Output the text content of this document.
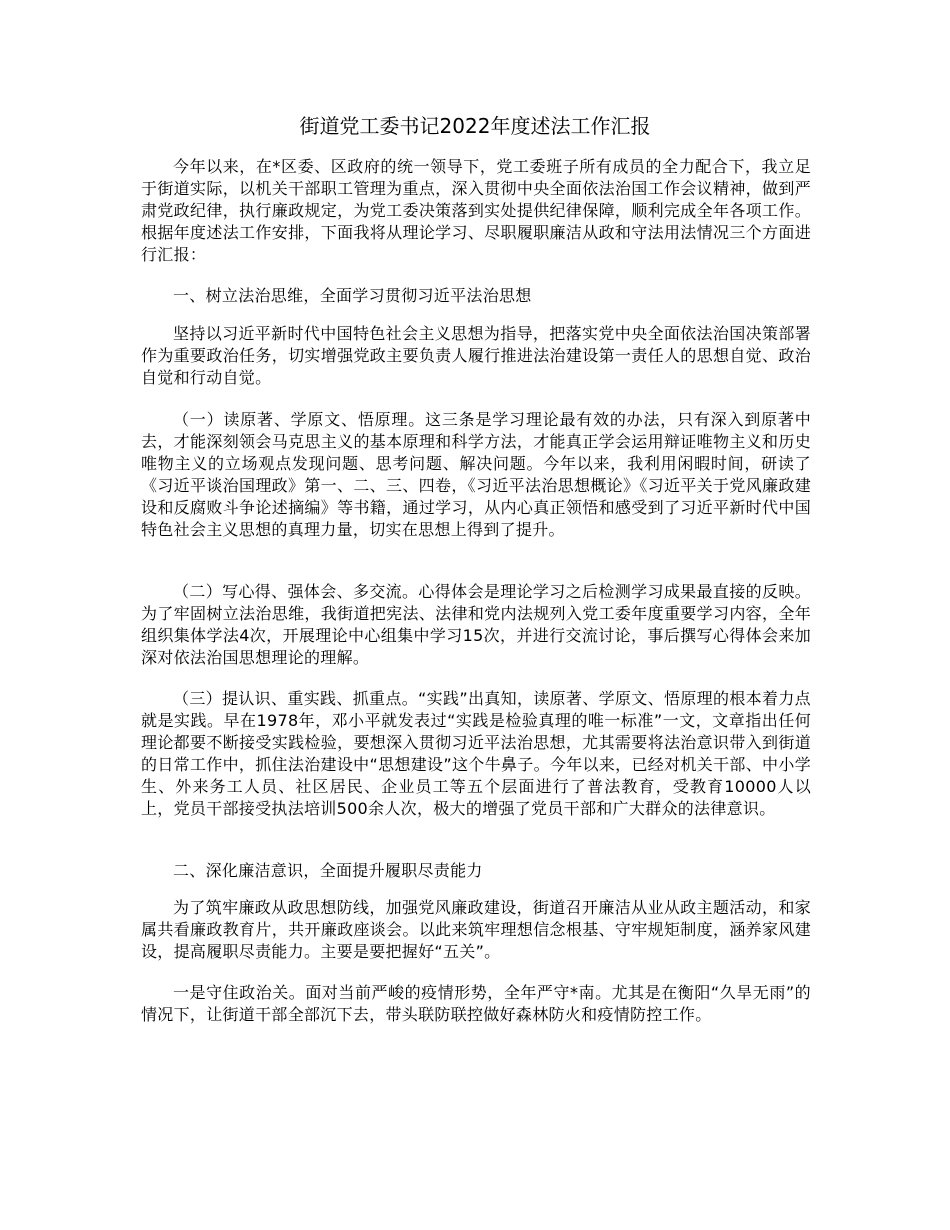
街道党工委书记2022年度述法工作汇报
今年以来，在*区委、区政府的统一领导下，党工委班子所有成员的全力配合下，我立足于街道实际，以机关干部职工管理为重点，深入贯彻中央全面依法治国工作会议精神，做到严肃党政纪律，执行廉政规定，为党工委决策落到实处提供纪律保障，顺利完成全年各项工作。根据年度述法工作安排，下面我将从理论学习、尽职履职廉洁从政和守法用法情况三个方面进行汇报：
一、树立法治思维，全面学习贯彻习近平法治思想
坚持以习近平新时代中国特色社会主义思想为指导，把落实党中央全面依法治国决策部署作为重要政治任务，切实增强党政主要负责人履行推进法治建设第一责任人的思想自觉、政治自觉和行动自觉。
（一）读原著、学原文、悟原理。这三条是学习理论最有效的办法，只有深入到原著中去，才能深刻领会马克思主义的基本原理和科学方法，才能真正学会运用辩证唯物主义和历史唯物主义的立场观点发现问题、思考问题、解决问题。今年以来，我利用闲暇时间，研读了《习近平谈治国理政》第一、二、三、四卷，《习近平法治思想概论》《习近平关于党风廉政建设和反腐败斗争论述摘编》等书籍，通过学习，从内心真正领悟和感受到了习近平新时代中国特色社会主义思想的真理力量，切实在思想上得到了提升。
（二）写心得、强体会、多交流。心得体会是理论学习之后检测学习成果最直接的反映。为了牢固树立法治思维，我街道把宪法、法律和党内法规列入党工委年度重要学习内容，全年组织集体学法4次，开展理论中心组集中学习15次，并进行交流讨论，事后撰写心得体会来加深对依法治国思想理论的理解。
（三）提认识、重实践、抓重点。“实践”出真知，读原著、学原文、悟原理的根本着力点就是实践。早在1978年，邓小平就发表过“实践是检验真理的唯一标准”一文，文章指出任何理论都要不断接受实践检验，要想深入贯彻习近平法治思想，尤其需要将法治意识带入到街道的日常工作中，抓住法治建设中“思想建设”这个牛鼻子。今年以来，已经对机关干部、中小学生、外来务工人员、社区居民、企业员工等五个层面进行了普法教育，受教育10000人以上，党员干部接受执法培训500余人次，极大的增强了党员干部和广大群众的法律意识。
二、深化廉洁意识，全面提升履职尽责能力
为了筑牢廉政从政思想防线，加强党风廉政建设，街道召开廉洁从业从政主题活动，和家属共看廉政教育片，共开廉政座谈会。以此来筑牢理想信念根基、守牢规矩制度，涵养家风建设，提高履职尽责能力。主要是要把握好“五关”。
一是守住政治关。面对当前严峻的疫情形势，全年严守*南。尤其是在衡阳“久旱无雨”的情况下，让街道干部全部沉下去，带头联防联控做好森林防火和疫情防控工作。
